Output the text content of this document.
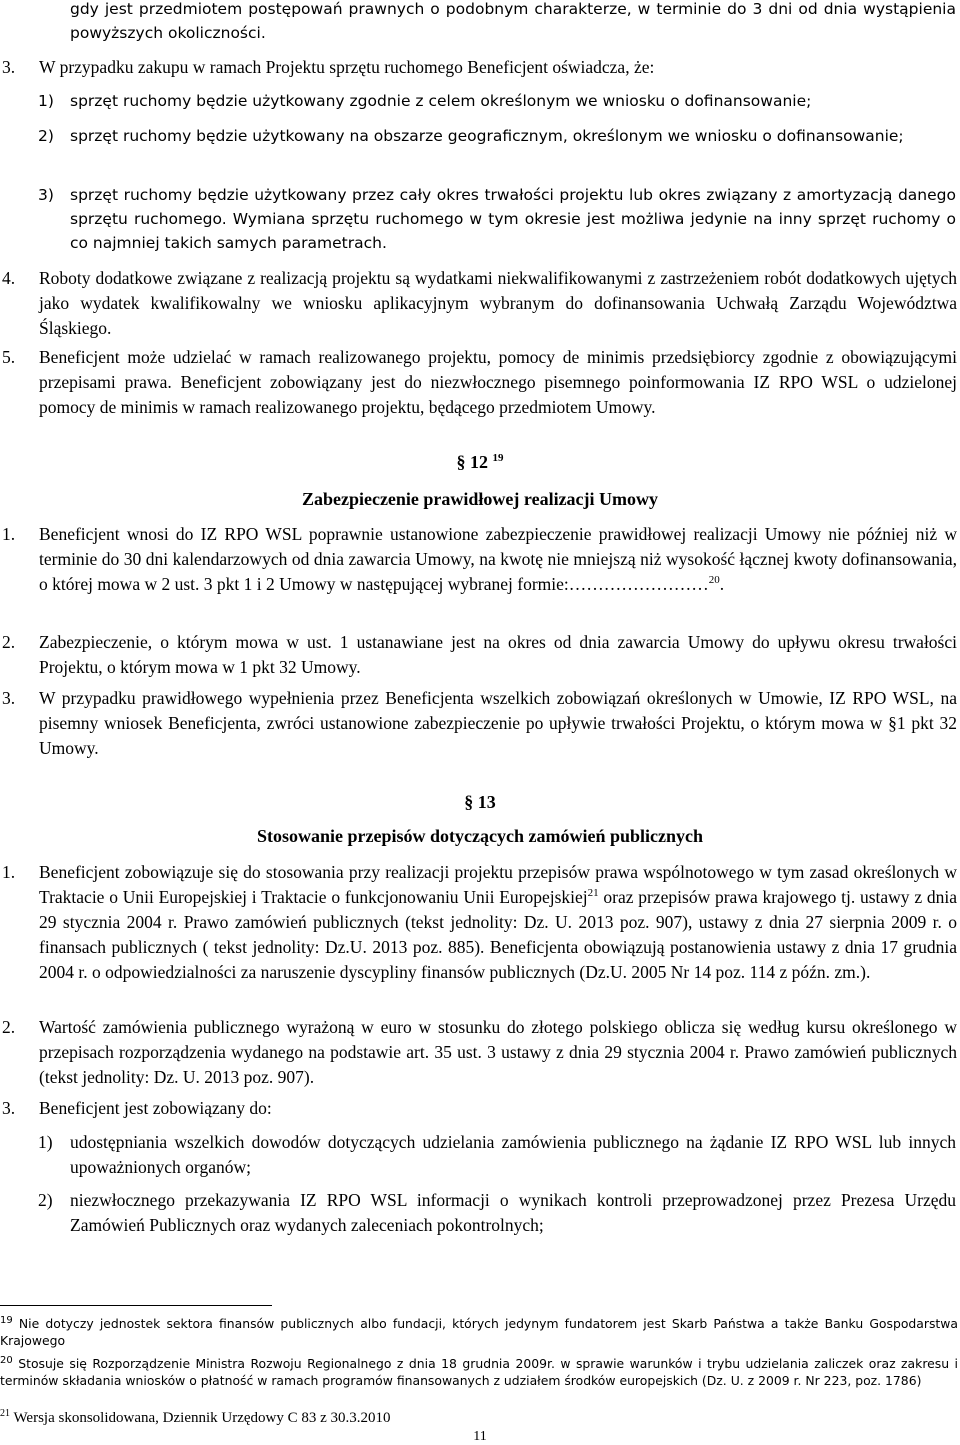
gdy jest przedmiotem postępowań prawnych o podobnym charakterze, w terminie do 3 dni od dnia wystąpienia powyższych okoliczności.
3. W przypadku zakupu w ramach Projektu sprzętu ruchomego Beneficjent oświadcza, że:
1) sprzęt ruchomy będzie użytkowany zgodnie z celem określonym we wniosku o dofinansowanie;
2) sprzęt ruchomy będzie użytkowany na obszarze geograficznym, określonym we wniosku o dofinansowanie;
3) sprzęt ruchomy będzie użytkowany przez cały okres trwałości projektu lub okres związany z amortyzacją danego sprzętu ruchomego. Wymiana sprzętu ruchomego w tym okresie jest możliwa jedynie na inny sprzęt ruchomy o co najmniej takich samych parametrach.
4. Roboty dodatkowe związane z realizacją projektu są wydatkami niekwalifikowanymi z zastrzeżeniem robót dodatkowych ujętych jako wydatek kwalifikowalny we wniosku aplikacyjnym wybranym do dofinansowania Uchwałą Zarządu Województwa Śląskiego.
5. Beneficjent może udzielać w ramach realizowanego projektu, pomocy de minimis przedsiębiorcy zgodnie z obowiązującymi przepisami prawa. Beneficjent zobowiązany jest do niezwłocznego pisemnego poinformowania IZ RPO WSL o udzielonej pomocy de minimis w ramach realizowanego projektu, będącego przedmiotem Umowy.
§ 12 $^{19}$
Zabezpieczenie prawidłowej realizacji Umowy
1. Beneficjent wnosi do IZ RPO WSL poprawnie ustanowione zabezpieczenie prawidłowej realizacji Umowy nie później niż w terminie do 30 dni kalendarzowych od dnia zawarcia Umowy, na kwotę nie mniejszą niż wysokość łącznej kwoty dofinansowania, o której mowa w 2 ust. 3 pkt 1 i 2 Umowy w następującej wybranej formie:……………………$^{20}$.
2. Zabezpieczenie, o którym mowa w ust. 1 ustanawiane jest na okres od dnia zawarcia Umowy do upływu okresu trwałości Projektu, o którym mowa w 1 pkt 32 Umowy.
3. W przypadku prawidłowego wypełnienia przez Beneficjenta wszelkich zobowiązań określonych w Umowie, IZ RPO WSL, na pisemny wniosek Beneficjenta, zwróci ustanowione zabezpieczenie po upływie trwałości Projektu, o którym mowa w §1 pkt 32 Umowy.
§ 13
Stosowanie przepisów dotyczących zamówień publicznych
1. Beneficjent zobowiązuje się do stosowania przy realizacji projektu przepisów prawa wspólnotowego w tym zasad określonych w Traktacie o Unii Europejskiej i Traktacie o funkcjonowaniu Unii Europejskiej$^{21}$ oraz przepisów prawa krajowego tj. ustawy z dnia 29 stycznia 2004 r. Prawo zamówień publicznych (tekst jednolity: Dz. U. 2013 poz. 907), ustawy z dnia 27 sierpnia 2009 r. o finansach publicznych ( tekst jednolity: Dz.U. 2013 poz. 885). Beneficjenta obowiązują postanowienia ustawy z dnia 17 grudnia 2004 r. o odpowiedzialności za naruszenie dyscypliny finansów publicznych (Dz.U. 2005 Nr 14 poz. 114 z późn. zm.).
2. Wartość zamówienia publicznego wyrażoną w euro w stosunku do złotego polskiego oblicza się według kursu określonego w przepisach rozporządzenia wydanego na podstawie art. 35 ust. 3 ustawy z dnia 29 stycznia 2004 r. Prawo zamówień publicznych (tekst jednolity: Dz. U. 2013 poz. 907).
3. Beneficjent jest zobowiązany do:
1) udostępniania wszelkich dowodów dotyczących udzielania zamówienia publicznego na żądanie IZ RPO WSL lub innych upoważnionych organów;
2) niezwłocznego przekazywania IZ RPO WSL informacji o wynikach kontroli przeprowadzonej przez Prezesa Urzędu Zamówień Publicznych oraz wydanych zaleceniach pokontrolnych;
$^{19}$ Nie dotyczy jednostek sektora finansów publicznych albo fundacji, których jedynym fundatorem jest Skarb Państwa a także Banku Gospodarstwa Krajowego
$^{20}$ Stosuje się Rozporządzenie Ministra Rozwoju Regionalnego z dnia 18 grudnia 2009r. w sprawie warunków i trybu udzielania zaliczek oraz zakresu i terminów składania wniosków o płatność w ramach programów finansowanych z udziałem środków europejskich (Dz. U. z 2009 r. Nr 223, poz. 1786)
$^{21}$ Wersja skonsolidowana, Dziennik Urzędowy C 83 z 30.3.2010
11
